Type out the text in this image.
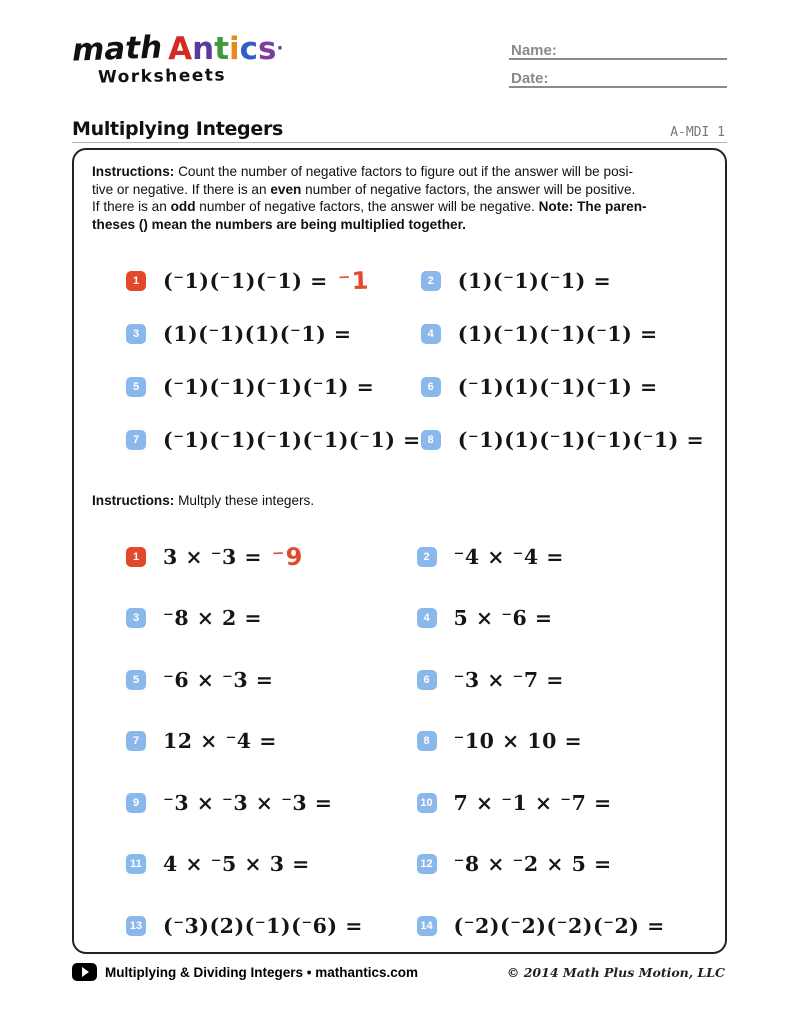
math Antics·
Worksheets
Name:
Date:
Multiplying Integers	A-MDI 1
Instructions: Count the number of negative factors to figure out if the answer will be posi-
tive or negative. If there is an even number of negative factors, the answer will be positive.
If there is an odd number of negative factors, the answer will be negative. Note: The paren-
theses () mean the numbers are being multiplied together.
1	(⁻1)(⁻1)(⁻1) = ⁻1	2	(1)(⁻1)(⁻1) =
3	(1)(⁻1)(1)(⁻1) =	4	(1)(⁻1)(⁻1)(⁻1) =
5	(⁻1)(⁻1)(⁻1)(⁻1) =	6	(⁻1)(1)(⁻1)(⁻1) =
7	(⁻1)(⁻1)(⁻1)(⁻1)(⁻1) = 8	(⁻1)(1)(⁻1)(⁻1)(⁻1) =
Instructions: Multply these integers.
1	3 × ⁻3 = ⁻9	2	⁻4 × ⁻4 =
3	⁻8 × 2 =	4	5 × ⁻6 =
5	⁻6 × ⁻3 =	6	⁻3 × ⁻7 =
7	12 × ⁻4 =	8	⁻10 × 10 =
9	⁻3 × ⁻3 × ⁻3 =	10 7 × ⁻1 × ⁻7 =
11 4 × ⁻5 × 3 =	12 ⁻8 × ⁻2 × 5 =
13 (⁻3)(2)(⁻1)(⁻6) =	14 (⁻2)(⁻2)(⁻2)(⁻2) =
Multiplying & Dividing Integers • mathantics.com	© 2014 Math Plus Motion, LLC
